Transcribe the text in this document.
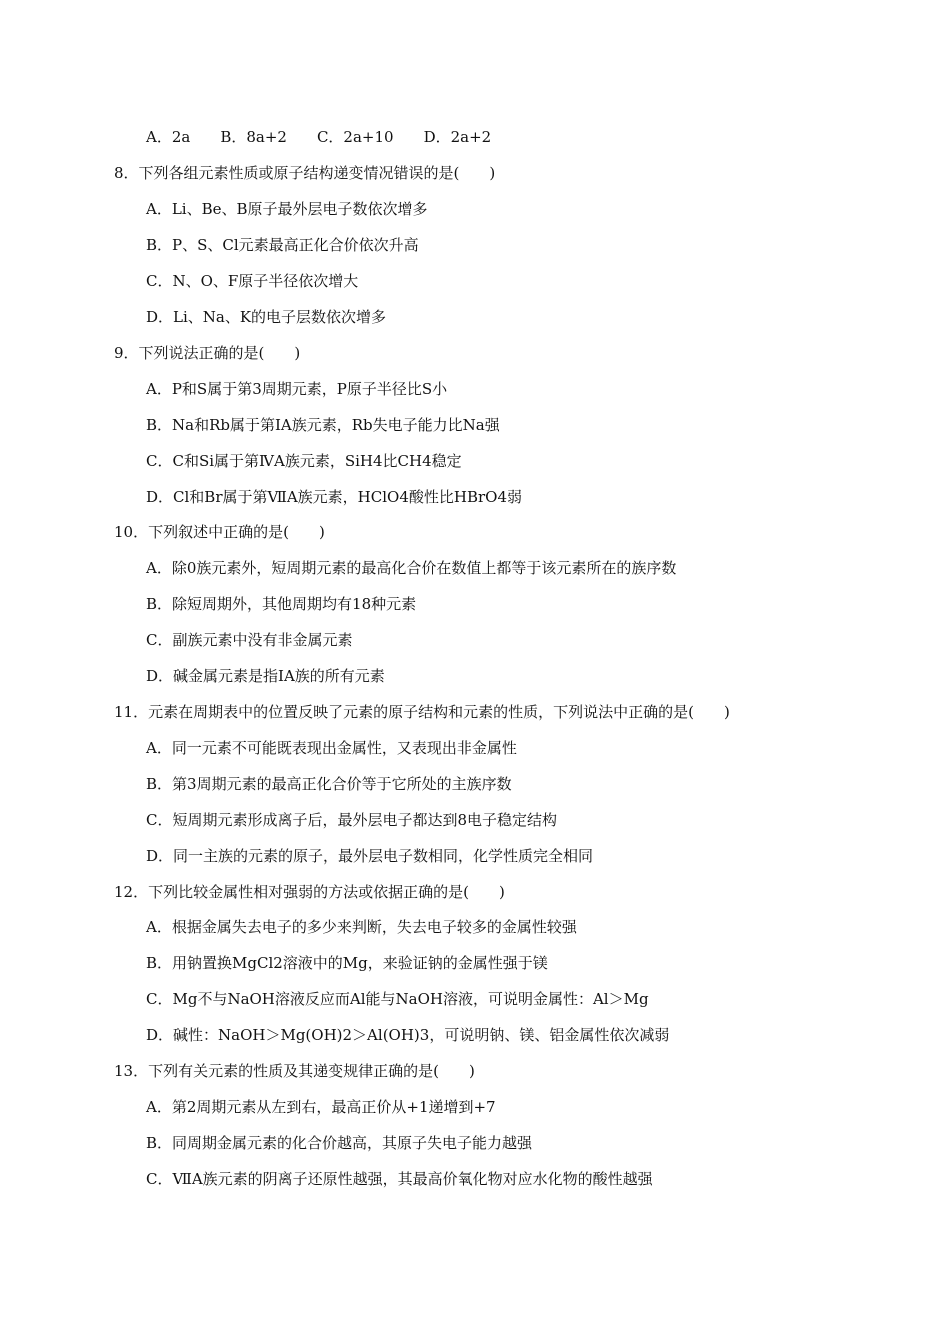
A．2a B．8a+2 C．2a+10 D．2a+2
8．下列各组元素性质或原子结构递变情况错误的是(　　)
A．Li、Be、B原子最外层电子数依次增多
B．P、S、Cl元素最高正化合价依次升高
C．N、O、F原子半径依次增大
D．Li、Na、K的电子层数依次增多
9．下列说法正确的是(　　)
A．P和S属于第3周期元素，P原子半径比S小
B．Na和Rb属于第ⅠA族元素，Rb失电子能力比Na强
C．C和Si属于第ⅣA族元素，SiH4比CH4稳定
D．Cl和Br属于第ⅦA族元素，HClO4酸性比HBrO4弱
10．下列叙述中正确的是(　　)
A．除0族元素外，短周期元素的最高化合价在数值上都等于该元素所在的族序数
B．除短周期外，其他周期均有18种元素
C．副族元素中没有非金属元素
D．碱金属元素是指ⅠA族的所有元素
11．元素在周期表中的位置反映了元素的原子结构和元素的性质，下列说法中正确的是(　　)
A．同一元素不可能既表现出金属性，又表现出非金属性
B．第3周期元素的最高正化合价等于它所处的主族序数
C．短周期元素形成离子后，最外层电子都达到8电子稳定结构
D．同一主族的元素的原子，最外层电子数相同，化学性质完全相同
12．下列比较金属性相对强弱的方法或依据正确的是(　　)
A．根据金属失去电子的多少来判断，失去电子较多的金属性较强
B．用钠置换MgCl2溶液中的Mg，来验证钠的金属性强于镁
C．Mg不与NaOH溶液反应而Al能与NaOH溶液，可说明金属性：Al＞Mg
D．碱性：NaOH＞Mg(OH)2＞Al(OH)3，可说明钠、镁、铝金属性依次减弱
13．下列有关元素的性质及其递变规律正确的是(　　)
A．第2周期元素从左到右，最高正价从+1递增到+7
B．同周期金属元素的化合价越高，其原子失电子能力越强
C．ⅦA族元素的阴离子还原性越强，其最高价氧化物对应水化物的酸性越强
